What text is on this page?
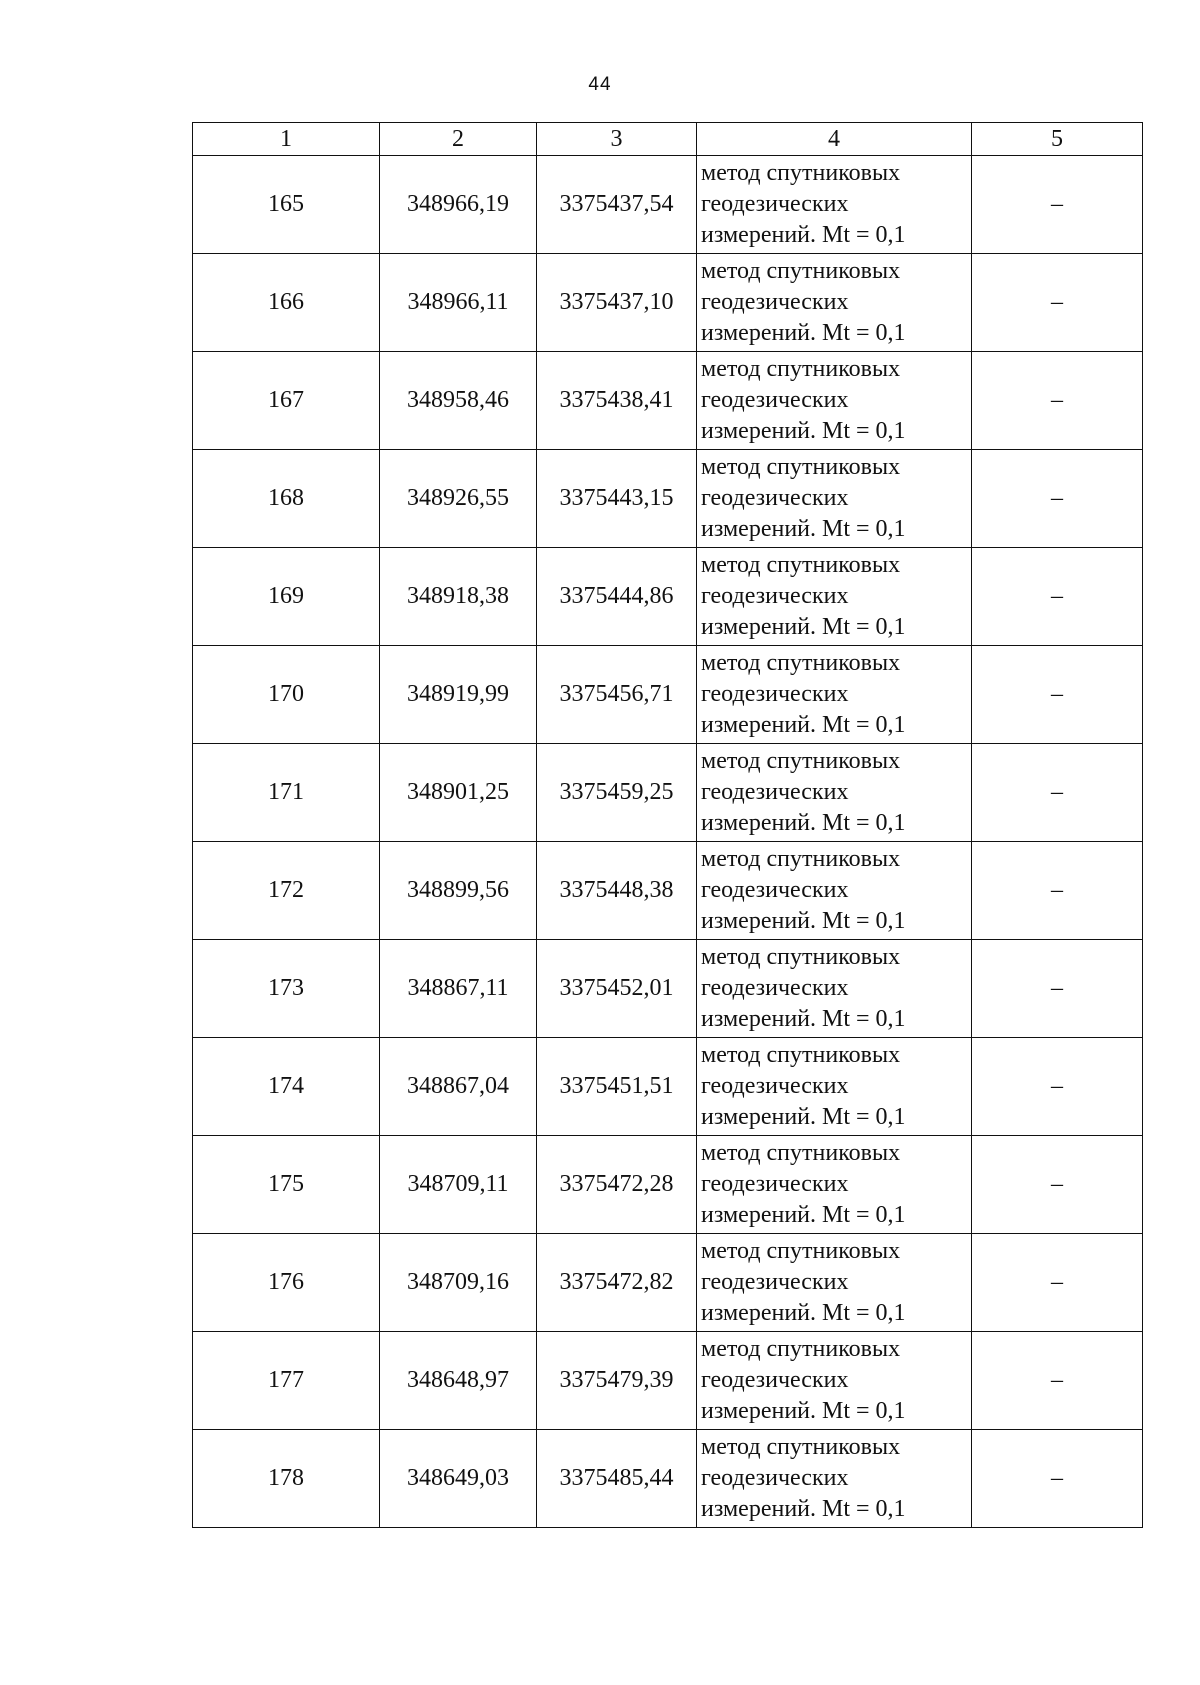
44
1	2	3	4	5
165	348966,19	3375437,54	метод спутниковых
геодезических
измерений. Mt = 0,1	–
166	348966,11	3375437,10	метод спутниковых
геодезических
измерений. Mt = 0,1	–
167	348958,46	3375438,41	метод спутниковых
геодезических
измерений. Mt = 0,1	–
168	348926,55	3375443,15	метод спутниковых
геодезических
измерений. Mt = 0,1	–
169	348918,38	3375444,86	метод спутниковых
геодезических
измерений. Mt = 0,1	–
170	348919,99	3375456,71	метод спутниковых
геодезических
измерений. Mt = 0,1	–
171	348901,25	3375459,25	метод спутниковых
геодезических
измерений. Mt = 0,1	–
172	348899,56	3375448,38	метод спутниковых
геодезических
измерений. Mt = 0,1	–
173	348867,11	3375452,01	метод спутниковых
геодезических
измерений. Mt = 0,1	–
174	348867,04	3375451,51	метод спутниковых
геодезических
измерений. Mt = 0,1	–
175	348709,11	3375472,28	метод спутниковых
геодезических
измерений. Mt = 0,1	–
176	348709,16	3375472,82	метод спутниковых
геодезических
измерений. Mt = 0,1	–
177	348648,97	3375479,39	метод спутниковых
геодезических
измерений. Mt = 0,1	–
178	348649,03	3375485,44	метод спутниковых
геодезических
измерений. Mt = 0,1	–
